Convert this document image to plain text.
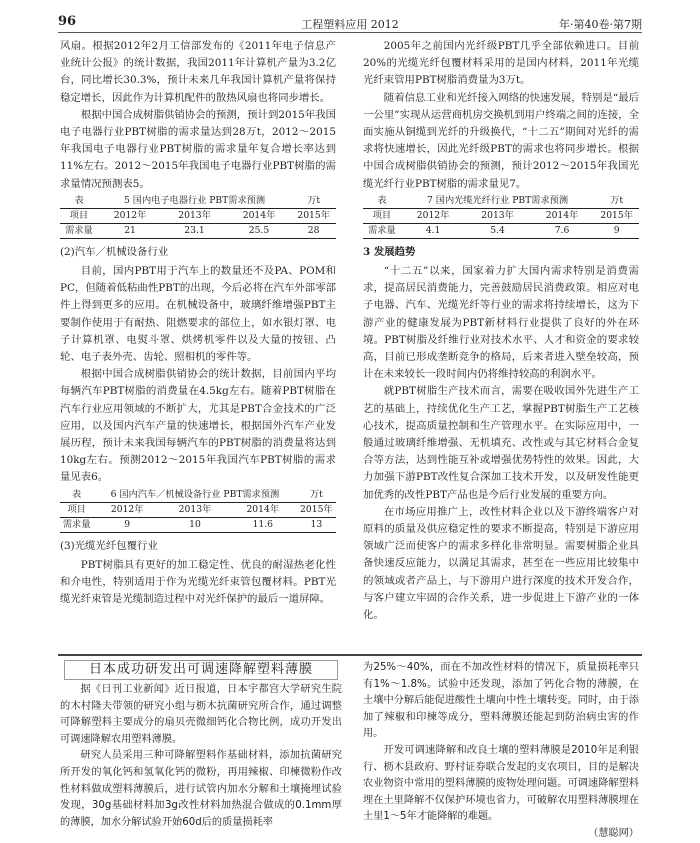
96	工程塑料应用 2012	年·第40卷·第7期

风扇。根据2012年2月工信部发布的《2011年电子信息产业统计公报》的统计数据，我国2011年计算机产量为3.2亿台，同比增长30.3%，预计未来几年我国计算机产量将保持稳定增长，因此作为计算机配件的散热风扇也将同步增长。

根据中国合成树脂供销协会的预测，预计到2015年我国电子电器行业PBT树脂的需求量达到28万t，2012～2015年我国电子电器行业PBT树脂的需求量年复合增长率达到11%左右。2012～2015年我国电子电器行业PBT树脂的需求量情况预测表5。

表	5 国内电子电器行业 PBT需求预测			万t
项目	2012年	2013年	2014年	2015年
需求量	21	23.1	25.5	28
(2)汽车／机械设备行业

目前，国内PBT用于汽车上的数量还不及PA、POM和PC，但随着低粘曲性PBT的出现，今后必将在汽车外部零部件上得到更多的应用。在机械设备中，玻璃纤维增强PBT主要制作使用于有耐热、阻燃要求的部位上，如水银灯罩、电子计算机罩、电熨斗罩、烘烤机零件以及大量的按钮、凸轮、电子表外壳、齿轮、照相机的零件等。

根据中国合成树脂供销协会的统计数据，目前国内平均每辆汽车PBT树脂的消费量在4.5kg左右。随着PBT树脂在汽车行业应用领域的不断扩大，尤其是PBT合金技术的广泛应用，以及国内汽车产量的快速增长，根据国外汽车产业发展历程，预计未来我国每辆汽车的PBT树脂的消费量将达到10kg左右。预测2012～2015年我国汽车PBT树脂的需求量见表6。

表	6 国内汽车／机械设备行业 PBT需求预测			万t
项目	2012年	2013年	2014年	2015年
需求量	9	10	11.6	13
(3)光缆光纤包覆行业

PBT树脂具有更好的加工稳定性、优良的耐湿热老化性和介电性，特别适用于作为光缆光纤束管包覆材料。PBT光缆光纤束管是光缆制造过程中对光纤保护的最后一道屏障。

2005年之前国内光纤级PBT几乎全部依赖进口。目前20%的光缆光纤包覆材料采用的是国内材料，2011年光缆光纤束管用PBT树脂消费量为3万t。

随着信息工业和光纤接入网络的快速发展，特别是“最后一公里”实现从运营商机房交换机到用户终端之间的连接，全面实施从铜缆到光纤的升级换代，“十二五”期间对光纤的需求将快速增长，因此光纤级PBT的需求也将同步增长。根据中国合成树脂供销协会的预测，预计2012～2015年我国光缆光纤行业PBT树脂的需求量见7。

表	7 国内光缆光纤行业 PBT需求预测			万t
项目	2012年	2013年	2014年	2015年
需求量	4.1	5.4	7.6	9
3 发展趋势

“十二五”以来，国家着力扩大国内需求特别是消费需求，提高居民消费能力，完善鼓励居民消费政策。相应对电子电器、汽车、光缆光纤等行业的需求将持续增长，这为下游产业的健康发展为PBT新材料行业提供了良好的外在环境。PBT树脂及纤维行业对技术水平、人才和资金的要求较高，目前已形成垄断竞争的格局，后来者进入壁垒较高，预计在未来较长一段时间内仍将维持较高的利润水平。

就PBT树脂生产技术而言，需要在吸收国外先进生产工艺的基础上，持续优化生产工艺，掌握PBT树脂生产工艺核心技术，提高质量控制和生产管理水平。在实际应用中，一般通过玻璃纤维增强、无机填充、改性或与其它材料合金复合等方法，达到性能互补或增强优势特性的效果。因此，大力加强下游PBT改性复合深加工技术开发，以及研发性能更加优秀的改性PBT产品也是今后行业发展的重要方向。

在市场应用推广上，改性材料企业以及下游终端客户对原料的质量及供应稳定性的要求不断提高，特别是下游应用领域广泛而使客户的需求多样化非常明显。需要树脂企业具备快速反应能力，以满足其需求，甚至在一些应用比较集中的领域或者产品上，与下游用户进行深度的技术开发合作，与客户建立牢固的合作关系，进一步促进上下游产业的一体化。

日本成功研发出可调速降解塑料薄膜

据《日刊工业新闻》近日报道，日本宇都宫大学研究生院的木村隆夫带领的研究小组与枥木抗菌研究所合作，通过调整可降解塑料主要成分的扇贝壳微细钙化合物比例，成功开发出可调速降解农用塑料薄膜。

研究人员采用三种可降解塑料作基础材料，添加抗菌研究所开发的氧化钙和氢氧化钙的微粉，再用辣椒、印楝微粉作改性材料做成塑料薄膜后，进行试管内加水分解和土壤掩埋试验发现，30g基础材料加3g改性材料加热混合做成的0.1mm厚的薄膜，加水分解试验开始60d后的质量损耗率

为25%～40%，而在不加改性材料的情况下，质量损耗率只有1%～1.8%。试验中还发现，添加了钙化合物的薄膜，在土壤中分解后能促进酸性土壤向中性土壤转变。同时，由于添加了辣椒和印楝等成分，塑料薄膜还能起到防治病虫害的作用。

开发可调速降解和改良土壤的塑料薄膜是2010年足利银行、枥木县政府、野村证券联合发起的支农项目，目的是解决农业物资中常用的塑料薄膜的废物处理问题。可调速降解塑料埋在土里降解不仅保护环境也省力，可破解农用塑料薄膜埋在土里1～5年才能降解的难题。

（慧聪网）
